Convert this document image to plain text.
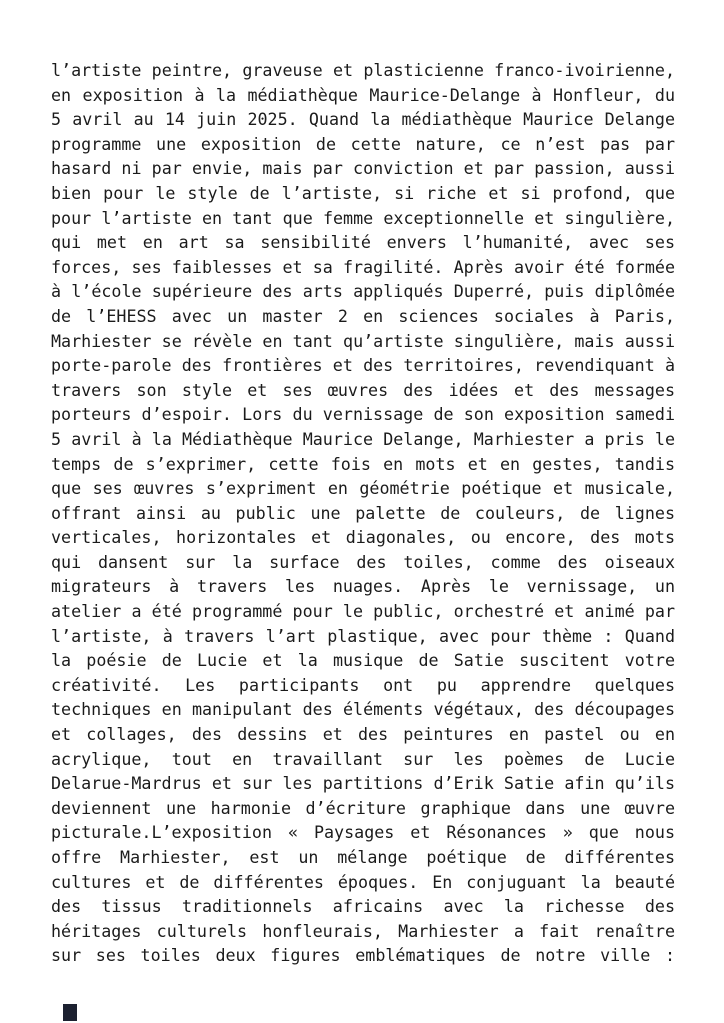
l’artiste peintre, graveuse et plasticienne franco-ivoirienne,
en exposition à la médiathèque Maurice-Delange à Honfleur, du
5 avril au 14 juin 2025. Quand la médiathèque Maurice Delange
programme une exposition de cette nature, ce n’est pas par
hasard ni par envie, mais par conviction et par passion, aussi
bien pour le style de l’artiste, si riche et si profond, que
pour l’artiste en tant que femme exceptionnelle et singulière,
qui met en art sa sensibilité envers l’humanité, avec ses
forces, ses faiblesses et sa fragilité. Après avoir été formée
à l’école supérieure des arts appliqués Duperré, puis diplômée
de l’EHESS avec un master 2 en sciences sociales à Paris,
Marhiester se révèle en tant qu’artiste singulière, mais aussi
porte-parole des frontières et des territoires, revendiquant à
travers son style et ses œuvres des idées et des messages
porteurs d’espoir. Lors du vernissage de son exposition samedi
5 avril à la Médiathèque Maurice Delange, Marhiester a pris le
temps de s’exprimer, cette fois en mots et en gestes, tandis
que ses œuvres s’expriment en géométrie poétique et musicale,
offrant ainsi au public une palette de couleurs, de lignes
verticales, horizontales et diagonales, ou encore, des mots
qui dansent sur la surface des toiles, comme des oiseaux
migrateurs à travers les nuages. Après le vernissage, un
atelier a été programmé pour le public, orchestré et animé par
l’artiste, à travers l’art plastique, avec pour thème : Quand
la poésie de Lucie et la musique de Satie suscitent votre
créativité. Les participants ont pu apprendre quelques
techniques en manipulant des éléments végétaux, des découpages
et collages, des dessins et des peintures en pastel ou en
acrylique, tout en travaillant sur les poèmes de Lucie
Delarue-Mardrus et sur les partitions d’Erik Satie afin qu’ils
deviennent une harmonie d’écriture graphique dans une œuvre
picturale.L’exposition « Paysages et Résonances » que nous
offre Marhiester, est un mélange poétique de différentes
cultures et de différentes époques. En conjuguant la beauté
des tissus traditionnels africains avec la richesse des
héritages culturels honfleurais, Marhiester a fait renaître
sur ses toiles deux figures emblématiques de notre ville :
